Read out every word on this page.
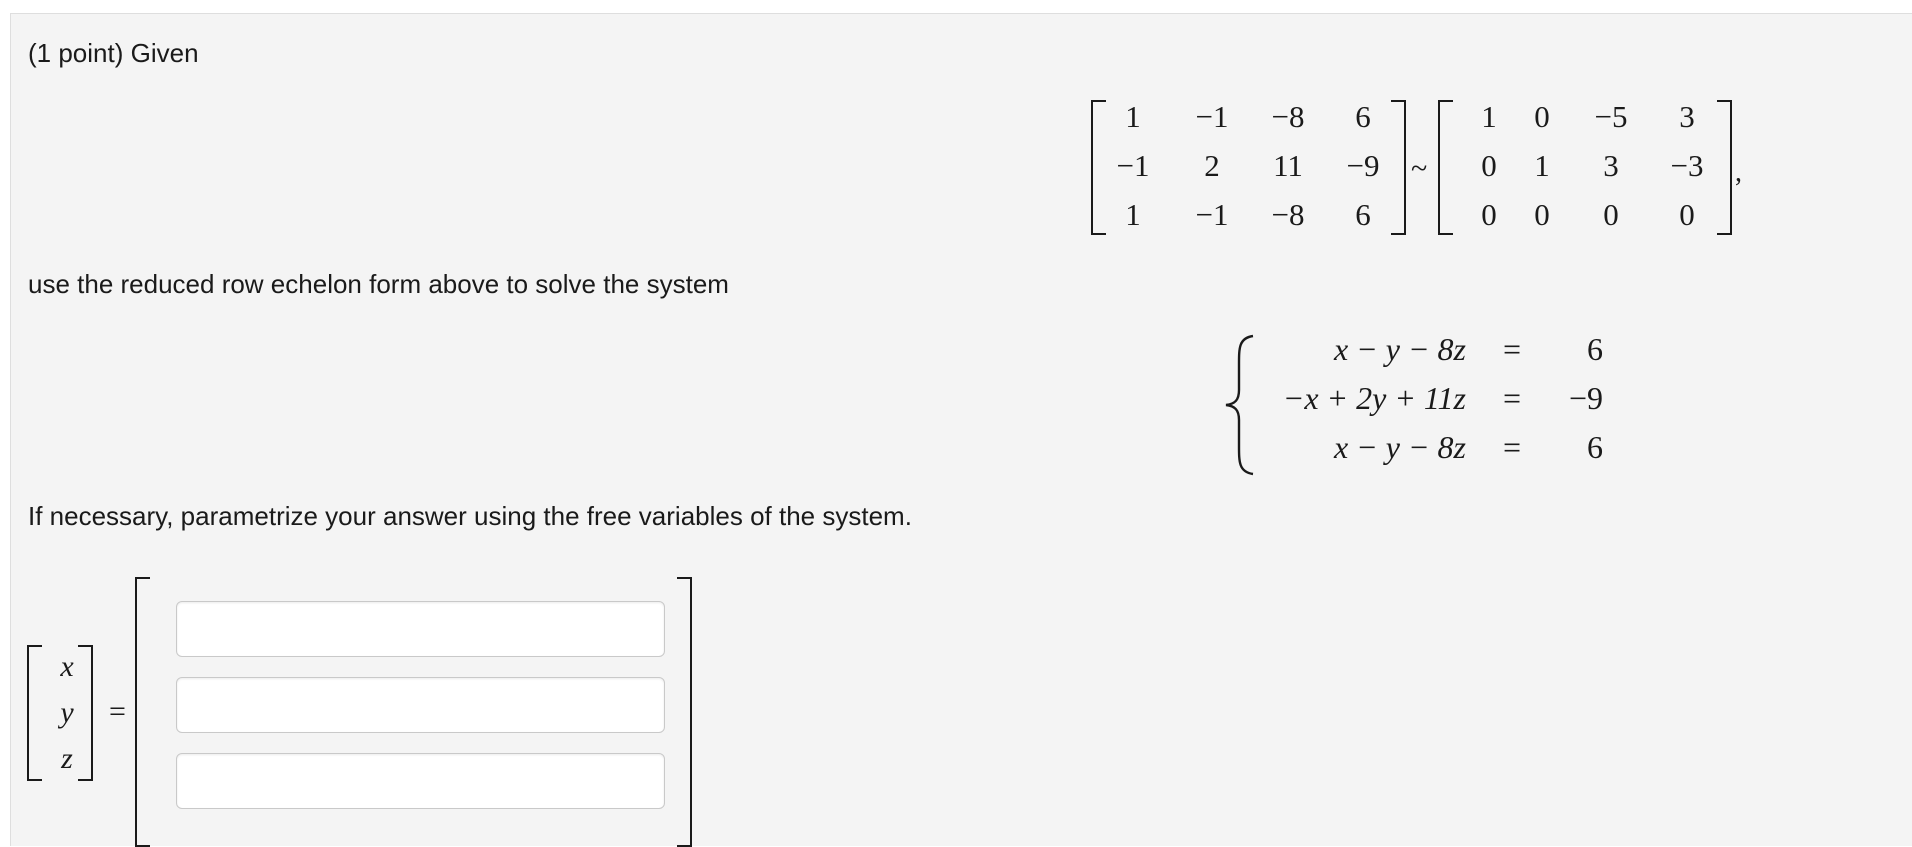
(1 point) Given
1	−1	−8	6
−1	2	11	−9
1	−1	−8	6
~
1	0	−5	3
0	1	3	−3
0	0	0	0
,
use the reduced row echelon form above to solve the system
x − y − 8z =	6
−x + 2y + 11z =	−9
x − y − 8z =	6
If necessary, parametrize your answer using the free variables of the system.
x
y
z
=
